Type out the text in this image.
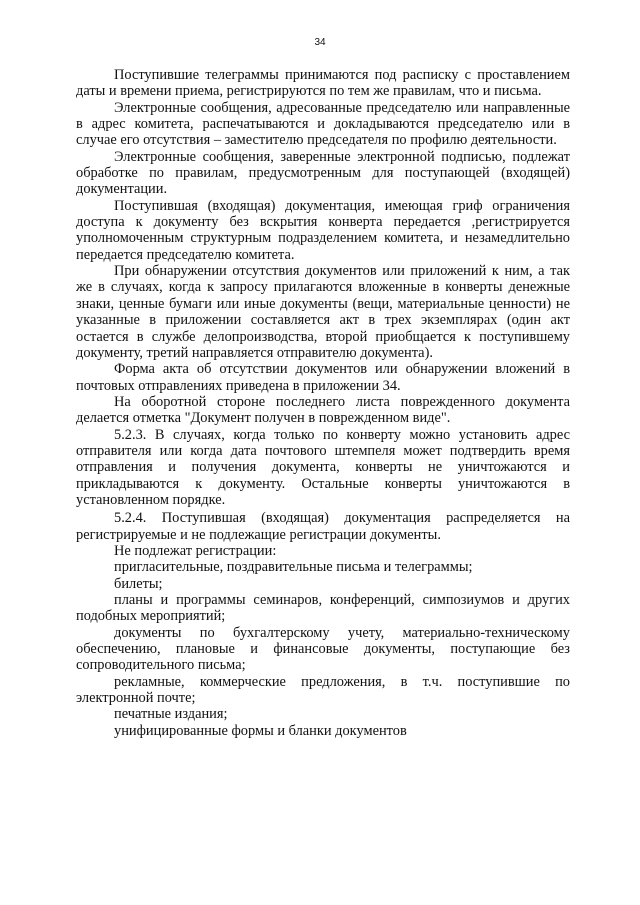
34

Поступившие телеграммы принимаются под расписку с проставлением даты и времени приема, регистрируются по тем же правилам, что и письма.

Электронные сообщения, адресованные председателю или направленные в адрес комитета, распечатываются и докладываются председателю или в случае его отсутствия – заместителю председателя по профилю деятельности.

Электронные сообщения, заверенные электронной подписью, подлежат обработке по правилам, предусмотренным для поступающей (входящей) документации.

Поступившая (входящая) документация, имеющая гриф ограничения доступа к документу без вскрытия конверта передается ,регистрируется уполномоченным структурным подразделением комитета, и незамедлительно передается председателю комитета.

При обнаружении отсутствия документов или приложений к ним, а так же в случаях, когда к запросу прилагаются вложенные в конверты денежные знаки, ценные бумаги или иные документы (вещи, материальные ценности) не указанные в приложении составляется акт в трех экземплярах (один акт остается в службе делопроизводства, второй приобщается к поступившему документу, третий направляется отправителю документа).

Форма акта об отсутствии документов или обнаружении вложений в почтовых отправлениях приведена в приложении 34.

На оборотной стороне последнего листа поврежденного документа делается отметка "Документ получен в поврежденном виде".

5.2.3. В случаях, когда только по конверту можно установить адрес отправителя или когда дата почтового штемпеля может подтвердить время отправления и получения документа, конверты не уничтожаются и прикладываются к документу. Остальные конверты уничтожаются в установленном порядке.

5.2.4. Поступившая (входящая) документация распределяется на регистрируемые и не подлежащие регистрации документы.

Не подлежат регистрации:

пригласительные, поздравительные письма и телеграммы;

билеты;

планы и программы семинаров, конференций, симпозиумов и других подобных мероприятий;

документы по бухгалтерскому учету, материально-техническому обеспечению, плановые и финансовые документы, поступающие без сопроводительного письма;

рекламные, коммерческие предложения, в т.ч. поступившие по электронной почте;

печатные издания;

унифицированные формы и бланки документов
